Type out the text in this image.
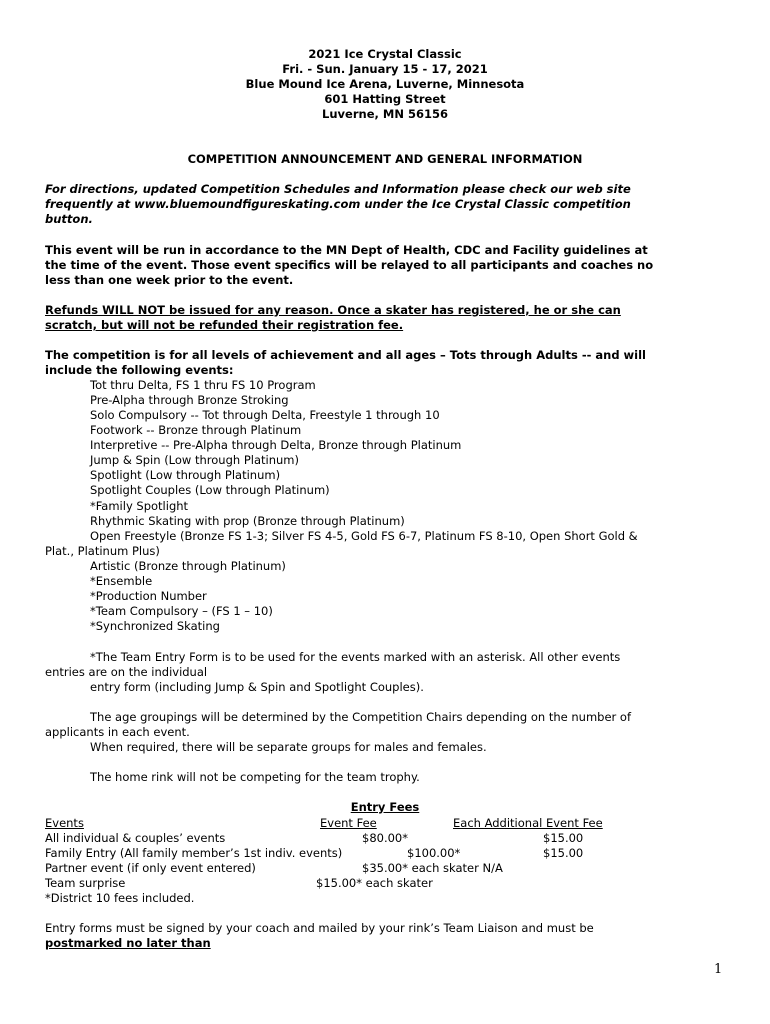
2021 Ice Crystal Classic
Fri. - Sun. January 15 - 17, 2021
Blue Mound Ice Arena, Luverne, Minnesota
601 Hatting Street
Luverne, MN 56156
COMPETITION ANNOUNCEMENT AND GENERAL INFORMATION
For directions, updated Competition Schedules and Information please check our web site
frequently at www.bluemoundfigureskating.com under the Ice Crystal Classic competition
button.
This event will be run in accordance to the MN Dept of Health, CDC and Facility guidelines at
the time of the event. Those event specifics will be relayed to all participants and coaches no
less than one week prior to the event.
Refunds WILL NOT be issued for any reason. Once a skater has registered, he or she can
scratch, but will not be refunded their registration fee.
The competition is for all levels of achievement and all ages – Tots through Adults -- and will
include the following events:
Tot thru Delta, FS 1 thru FS 10 Program
Pre-Alpha through Bronze Stroking
Solo Compulsory -- Tot through Delta, Freestyle 1 through 10
Footwork -- Bronze through Platinum
Interpretive -- Pre-Alpha through Delta, Bronze through Platinum
Jump & Spin (Low through Platinum)
Spotlight (Low through Platinum)
Spotlight Couples (Low through Platinum)
*Family Spotlight
Rhythmic Skating with prop (Bronze through Platinum)
Open Freestyle (Bronze FS 1-3; Silver FS 4-5, Gold FS 6-7, Platinum FS 8-10, Open Short Gold &
Plat., Platinum Plus)
Artistic (Bronze through Platinum)
*Ensemble
*Production Number
*Team Compulsory – (FS 1 – 10)
*Synchronized Skating
*The Team Entry Form is to be used for the events marked with an asterisk. All other events
entries are on the individual
entry form (including Jump & Spin and Spotlight Couples).
The age groupings will be determined by the Competition Chairs depending on the number of
applicants in each event.
When required, there will be separate groups for males and females.
The home rink will not be competing for the team trophy.
Entry Fees
Events	Event Fee	Each Additional Event Fee
All individual & couples’ events	$80.00*	$15.00
Family Entry (All family member’s 1st indiv. events)	$100.00*	$15.00
Partner event (if only event entered)	$35.00* each skater N/A
Team surprise	$15.00* each skater
*District 10 fees included.
Entry forms must be signed by your coach and mailed by your rink’s Team Liaison and must be
postmarked no later than
1
